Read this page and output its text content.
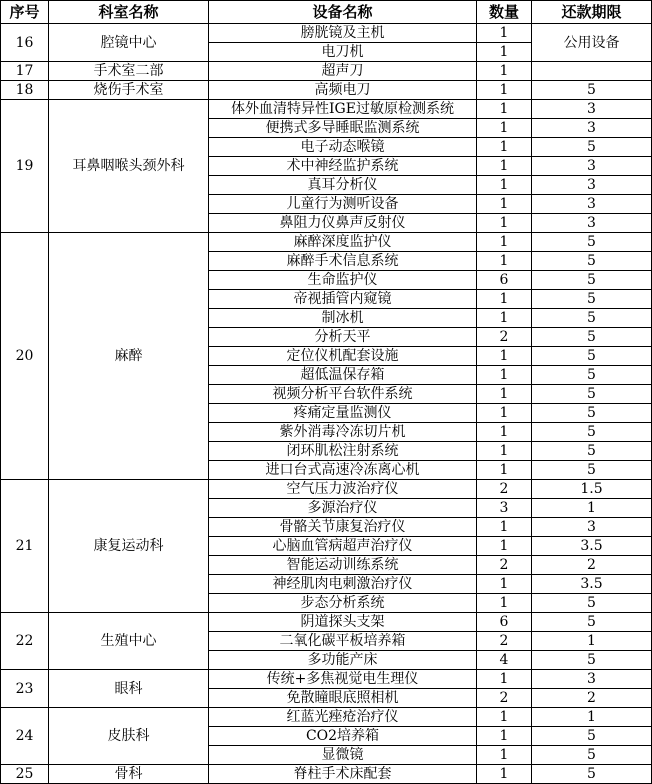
序号	科室名称	设备名称	数量	还款期限
16	腔镜中心	膀胱镜及主机	1	公用设备
		电刀机	1	
17	手术室二部	超声刀	1	
18	烧伤手术室	高频电刀	1	5
19	耳鼻咽喉头颈外科	体外血清特异性IGE过敏原检测系统	1	3
		便携式多导睡眠监测系统	1	3
		电子动态喉镜	1	5
		术中神经监护系统	1	3
		真耳分析仪	1	3
		儿童行为测听设备	1	3
		鼻阻力仪鼻声反射仪	1	3
20	麻醉	麻醉深度监护仪	1	5
		麻醉手术信息系统	1	5
		生命监护仪	6	5
		帝视插管内窥镜	1	5
		制冰机	1	5
		分析天平	2	5
		定位仪机配套设施	1	5
		超低温保存箱	1	5
		视频分析平台软件系统	1	5
		疼痛定量监测仪	1	5
		紫外消毒冷冻切片机	1	5
		闭环肌松注射系统	1	5
		进口台式高速冷冻离心机	1	5
21	康复运动科	空气压力波治疗仪	2	1.5
		多源治疗仪	3	1
		骨骼关节康复治疗仪	1	3
		心脑血管病超声治疗仪	1	3.5
		智能运动训练系统	2	2
		神经肌肉电刺激治疗仪	1	3.5
		步态分析系统	1	5
22	生殖中心	阴道探头支架	6	5
		二氧化碳平板培养箱	2	1
		多功能产床	4	5
23	眼科	传统+多焦视觉电生理仪	1	3
		免散瞳眼底照相机	2	2
24	皮肤科	红蓝光痤疮治疗仪	1	1
		CO2培养箱	1	5
		显微镜	1	5
25	骨科	脊柱手术床配套	1	5
